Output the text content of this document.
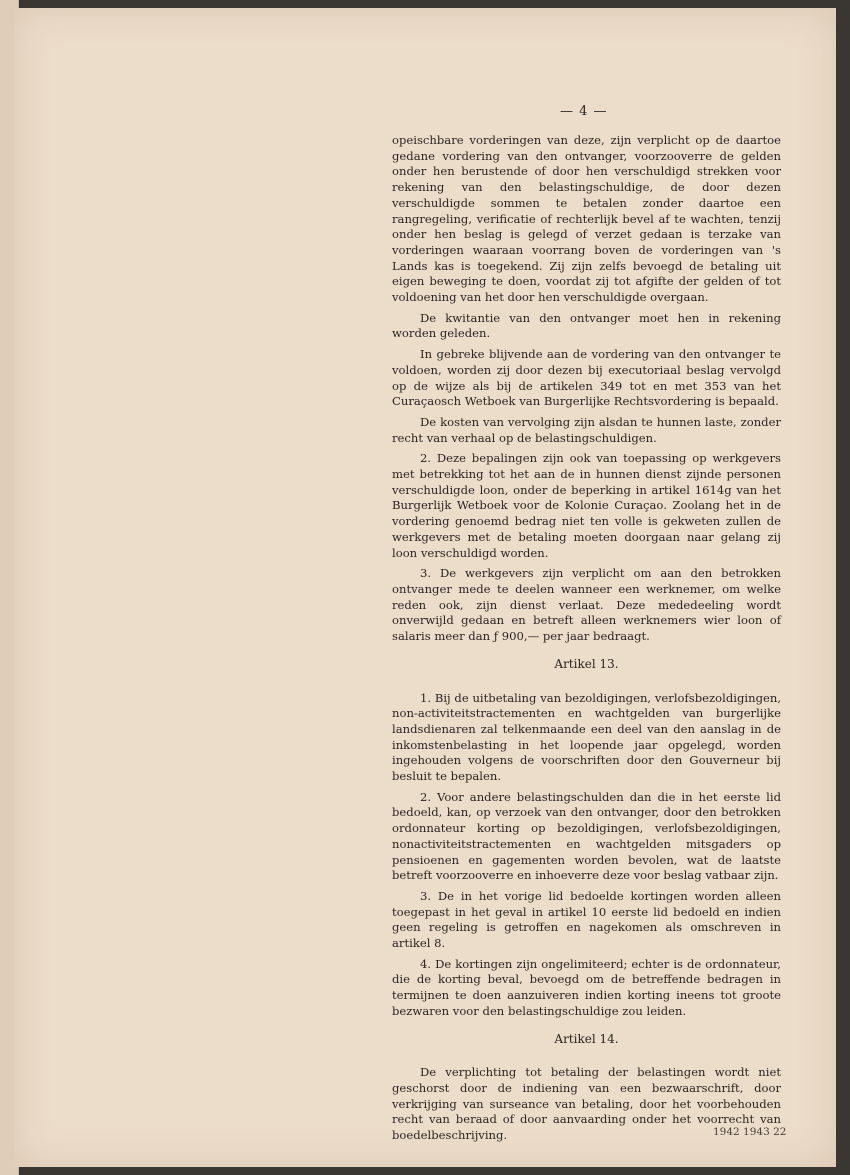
— 4 —

opeischbare vorderingen van deze, zijn verplicht op de daartoe gedane vordering van den ontvanger, voorzooverre de gelden onder hen berustende of door hen verschuldigd strekken voor rekening van den belastingschuldige, de door dezen verschuldigde sommen te betalen zonder daartoe een rangregeling, verificatie of rechterlijk bevel af te wachten, tenzij onder hen beslag is gelegd of verzet gedaan is terzake van vorderingen waaraan voorrang boven de vorderingen van 's Lands kas is toegekend. Zij zijn zelfs bevoegd de betaling uit eigen beweging te doen, voordat zij tot afgifte der gelden of tot voldoening van het door hen verschuldigde overgaan.

De kwitantie van den ontvanger moet hen in rekening worden geleden.

In gebreke blijvende aan de vordering van den ontvanger te voldoen, worden zij door dezen bij executoriaal beslag vervolgd op de wijze als bij de artikelen 349 tot en met 353 van het Curaçaosch Wetboek van Burgerlijke Rechtsvordering is bepaald.

De kosten van vervolging zijn alsdan te hunnen laste, zonder recht van verhaal op de belastingschuldigen.

2. Deze bepalingen zijn ook van toepassing op werkgevers met betrekking tot het aan de in hunnen dienst zijnde personen verschuldigde loon, onder de beperking in artikel 1614g van het Burgerlijk Wetboek voor de Kolonie Curaçao. Zoolang het in de vordering genoemd bedrag niet ten volle is gekweten zullen de werkgevers met de betaling moeten doorgaan naar gelang zij loon verschuldigd worden.

3. De werkgevers zijn verplicht om aan den betrokken ontvanger mede te deelen wanneer een werknemer, om welke reden ook, zijn dienst verlaat. Deze mededeeling wordt onverwijld gedaan en betreft alleen werknemers wier loon of salaris meer dan ƒ 900,— per jaar bedraagt.

Artikel 13.

1. Bij de uitbetaling van bezoldigingen, verlofsbezoldigingen, non-activiteitstractementen en wachtgelden van burgerlijke landsdienaren zal telkenmaande een deel van den aanslag in de inkomstenbelasting in het loopende jaar opgelegd, worden ingehouden volgens de voorschriften door den Gouverneur bij besluit te bepalen.

2. Voor andere belastingschulden dan die in het eerste lid bedoeld, kan, op verzoek van den ontvanger, door den betrokken ordonnateur korting op bezoldigingen, verlofsbezoldigingen, nonactiviteitstractementen en wachtgelden mitsgaders op pensioenen en gagementen worden bevolen, wat de laatste betreft voorzooverre en inhoeverre deze voor beslag vatbaar zijn.

3. De in het vorige lid bedoelde kortingen worden alleen toegepast in het geval in artikel 10 eerste lid bedoeld en indien geen regeling is getroffen en nagekomen als omschreven in artikel 8.

4. De kortingen zijn ongelimiteerd; echter is de ordonnateur, die de korting beval, bevoegd om de betreffende bedragen in termijnen te doen aanzuiveren indien korting ineens tot groote bezwaren voor den belastingschuldige zou leiden.

Artikel 14.

De verplichting tot betaling der belastingen wordt niet geschorst door de indiening van een bezwaarschrift, door verkrijging van surseance van betaling, door het voorbehouden recht van beraad of door aanvaarding onder het voorrecht van boedelbeschrijving.	1942 1943 22
